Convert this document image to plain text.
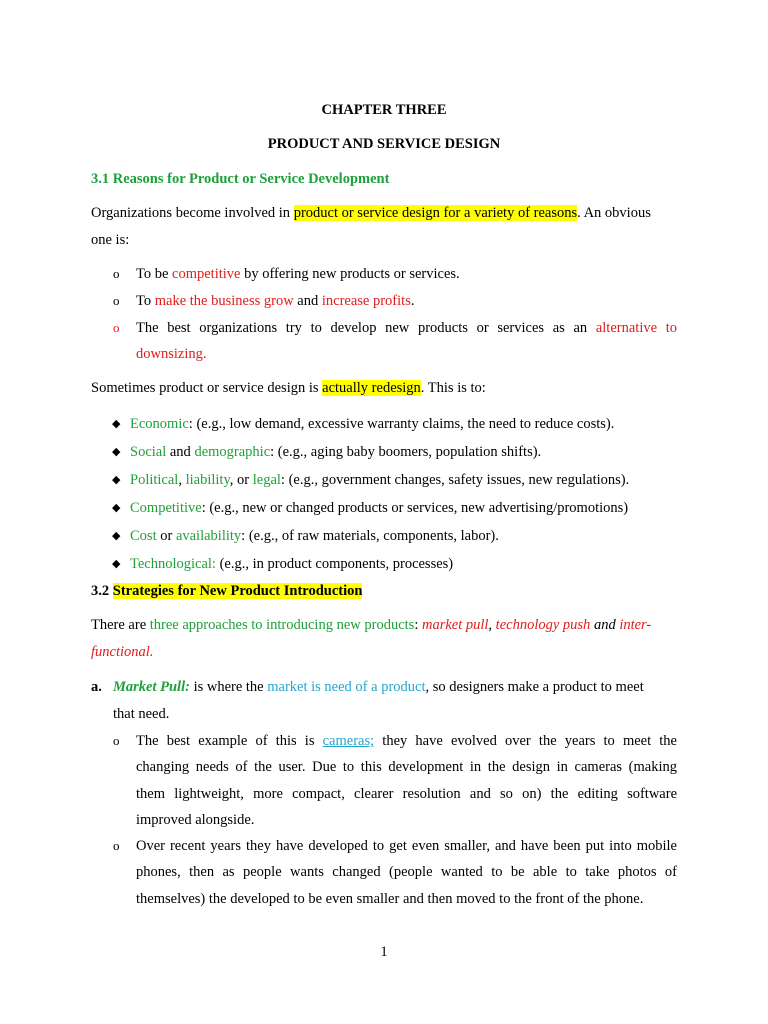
CHAPTER THREE
PRODUCT AND SERVICE DESIGN
3.1 Reasons for Product or Service Development
Organizations become involved in product or service design for a variety of reasons. An obvious
one is:
o To be competitive by offering new products or services.
o To make the business grow and increase profits.
o The best organizations try to develop new products or services as an alternative to
downsizing.
Sometimes product or service design is actually redesign. This is to:
◆ Economic: (e.g., low demand, excessive warranty claims, the need to reduce costs).
◆ Social and demographic: (e.g., aging baby boomers, population shifts).
◆ Political, liability, or legal: (e.g., government changes, safety issues, new regulations).
◆ Competitive: (e.g., new or changed products or services, new advertising/promotions)
◆ Cost or availability: (e.g., of raw materials, components, labor).
◆ Technological: (e.g., in product components, processes)
3.2 Strategies for New Product Introduction
There are three approaches to introducing new products: market pull, technology push and inter-
functional.
a. Market Pull: is where the market is need of a product, so designers make a product to meet
that need.
o The best example of this is cameras; they have evolved over the years to meet the
changing needs of the user. Due to this development in the design in cameras (making
them lightweight, more compact, clearer resolution and so on) the editing software
improved alongside.
o Over recent years they have developed to get even smaller, and have been put into mobile
phones, then as people wants changed (people wanted to be able to take photos of
themselves) the developed to be even smaller and then moved to the front of the phone.
1
